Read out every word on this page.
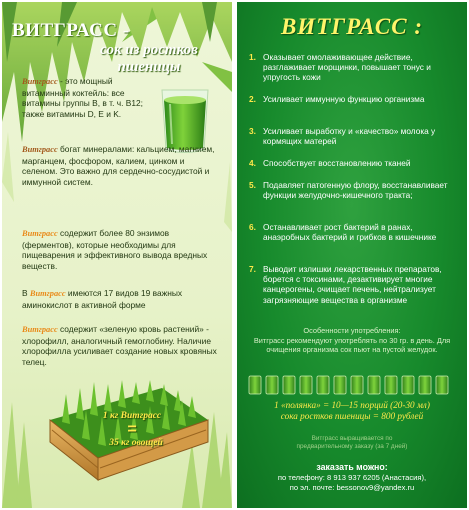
ВИТГРАСС -
сок из ростков пшеницы
Витграсс - это мощный витаминный коктейль: все витамины группы В, в т. ч. В12; также витамины D, E и K.
Витграсс богат минералами: кальцием, магнием, марганцем, фосфором, калием, цинком и селеном. Это важно для сердечно-сосудистой и иммунной систем.
Витграсс содержит более 80 энзимов (ферментов), которые необходимы для пищеварения и эффективного вывода вредных веществ.
В Витграсс имеются 17 видов 19 важных аминокислот в активной форме
Витграсс содержит «зеленую кровь растений» - хлорофилл, аналогичный гемоглобину. Наличие хлорофилла усиливает создание новых кровяных телец.
1 кг Витграсс
=
35 кг овощей
ВИТГРАСС :
1. Оказывает омолаживающее действие, разглаживает морщинки, повышает тонус и упругость кожи
2. Усиливает иммунную функцию организма
3. Усиливает выработку и «качество» молока у кормящих матерей
4. Способствует восстановлению тканей
5. Подавляет патогенную флору, восстанавливает функции желудочно-кишечного тракта;
6. Останавливает рост бактерий в ранах, анаэробных бактерий и грибков в кишечнике
7. Выводит излишки лекарственных препаратов, борется с токсинами, дезактивирует многие канцерогены, очищает печень, нейтрализует загрязняющие вещества в организме
Особенности употребления:
Витграсс рекомендуют употреблять по 30 гр. в день. Для очищения организма сок пьют на пустой желудок.
1 «полянка» = 10—15 порций (20-30 мл)
сока ростков пшеницы = 800 рублей
Витграсс выращивается по
предварительному заказу (за 7 дней)
заказать можно:
по телефону: 8 913 937 6205 (Анастасия),
по эл. почте: bessonov9@yandex.ru
